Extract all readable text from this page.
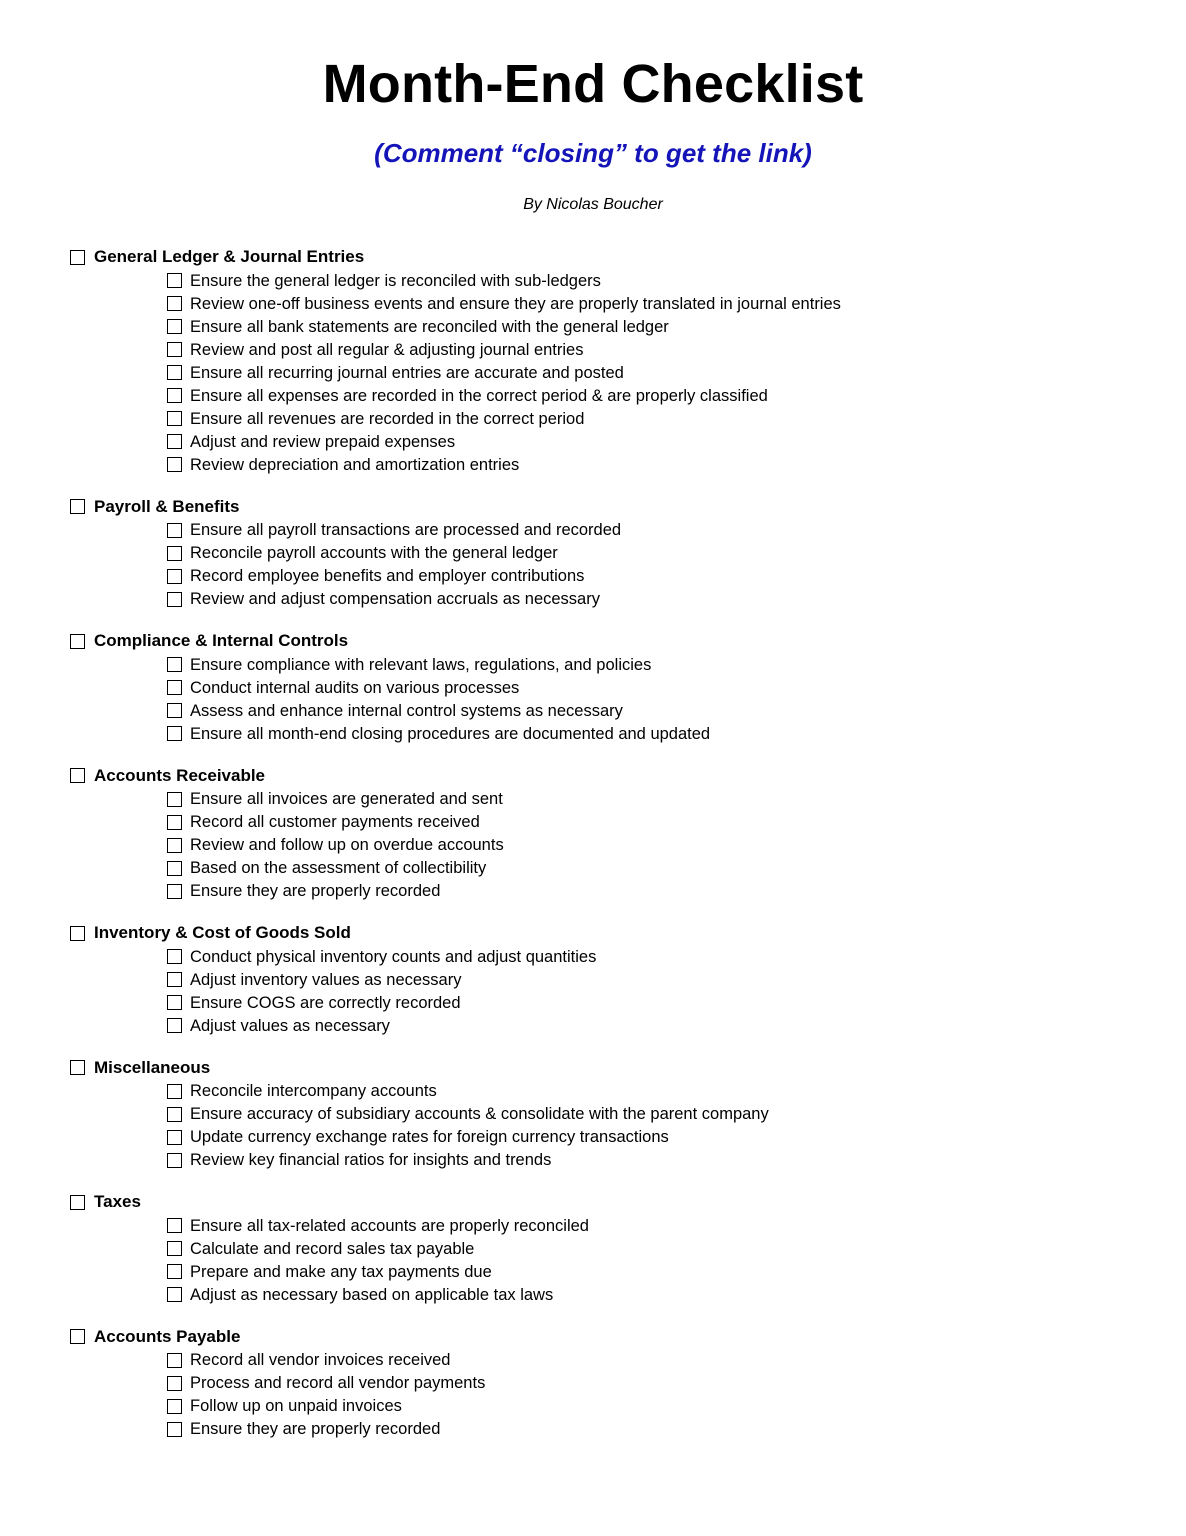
Month-End Checklist
(Comment “closing” to get the link)
By Nicolas Boucher
General Ledger & Journal Entries
Ensure the general ledger is reconciled with sub-ledgers
Review one-off business events and ensure they are properly translated in journal entries
Ensure all bank statements are reconciled with the general ledger
Review and post all regular & adjusting journal entries
Ensure all recurring journal entries are accurate and posted
Ensure all expenses are recorded in the correct period & are properly classified
Ensure all revenues are recorded in the correct period
Adjust and review prepaid expenses
Review depreciation and amortization entries
Payroll & Benefits
Ensure all payroll transactions are processed and recorded
Reconcile payroll accounts with the general ledger
Record employee benefits and employer contributions
Review and adjust compensation accruals as necessary
Compliance & Internal Controls
Ensure compliance with relevant laws, regulations, and policies
Conduct internal audits on various processes
Assess and enhance internal control systems as necessary
Ensure all month-end closing procedures are documented and updated
Accounts Receivable
Ensure all invoices are generated and sent
Record all customer payments received
Review and follow up on overdue accounts
Based on the assessment of collectibility
Ensure they are properly recorded
Inventory & Cost of Goods Sold
Conduct physical inventory counts and adjust quantities
Adjust inventory values as necessary
Ensure COGS are correctly recorded
Adjust values as necessary
Miscellaneous
Reconcile intercompany accounts
Ensure accuracy of subsidiary accounts & consolidate with the parent company
Update currency exchange rates for foreign currency transactions
Review key financial ratios for insights and trends
Taxes
Ensure all tax-related accounts are properly reconciled
Calculate and record sales tax payable
Prepare and make any tax payments due
Adjust as necessary based on applicable tax laws
Accounts Payable
Record all vendor invoices received
Process and record all vendor payments
Follow up on unpaid invoices
Ensure they are properly recorded
